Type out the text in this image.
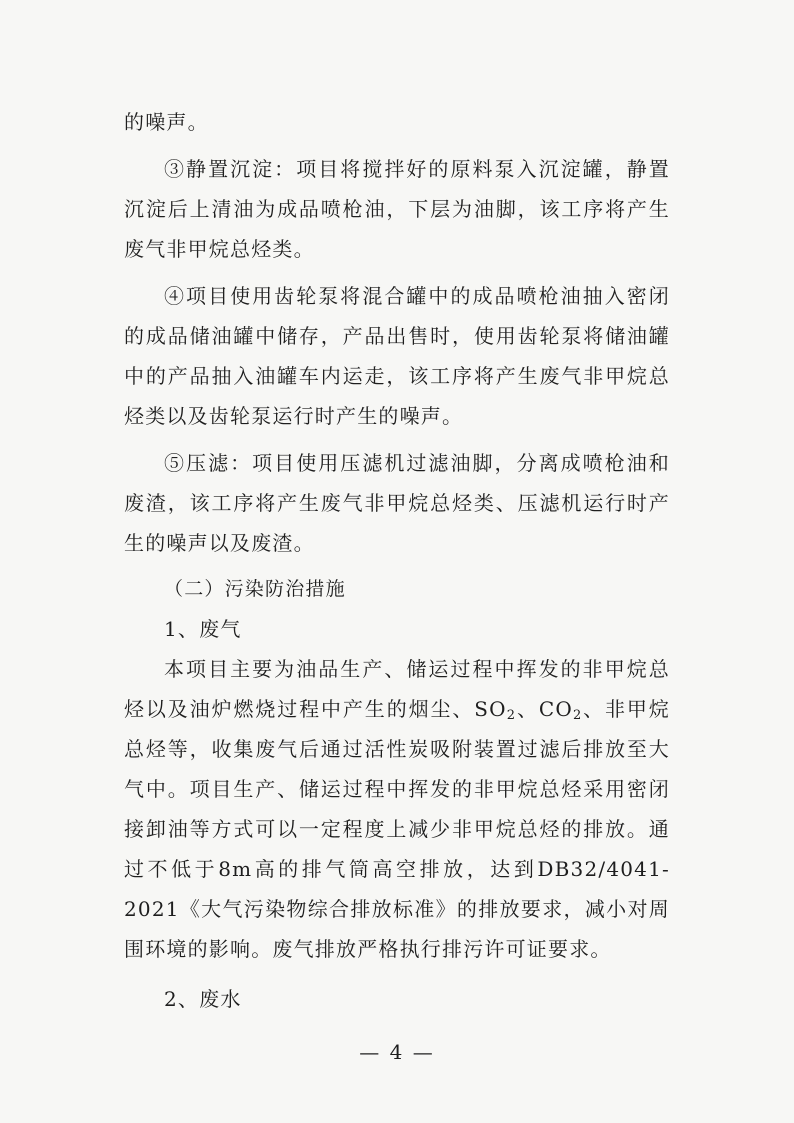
的噪声。

③静置沉淀：项目将搅拌好的原料泵入沉淀罐，静置沉淀后上清油为成品喷枪油，下层为油脚，该工序将产生废气非甲烷总烃类。

④项目使用齿轮泵将混合罐中的成品喷枪油抽入密闭的成品储油罐中储存，产品出售时，使用齿轮泵将储油罐中的产品抽入油罐车内运走，该工序将产生废气非甲烷总烃类以及齿轮泵运行时产生的噪声。

⑤压滤：项目使用压滤机过滤油脚，分离成喷枪油和废渣，该工序将产生废气非甲烷总烃类、压滤机运行时产生的噪声以及废渣。

（二）污染防治措施

1、废气

本项目主要为油品生产、储运过程中挥发的非甲烷总烃以及油炉燃烧过程中产生的烟尘、$SO_2$、$CO_2$、非甲烷总烃等，收集废气后通过活性炭吸附装置过滤后排放至大气中。项目生产、储运过程中挥发的非甲烷总烃采用密闭接卸油等方式可以一定程度上减少非甲烷总烃的排放。通过不低于8m高的排气筒高空排放，达到DB32/4041-2021《大气污染物综合排放标准》的排放要求，减小对周围环境的影响。废气排放严格执行排污许可证要求。

2、废水

— 4 —
